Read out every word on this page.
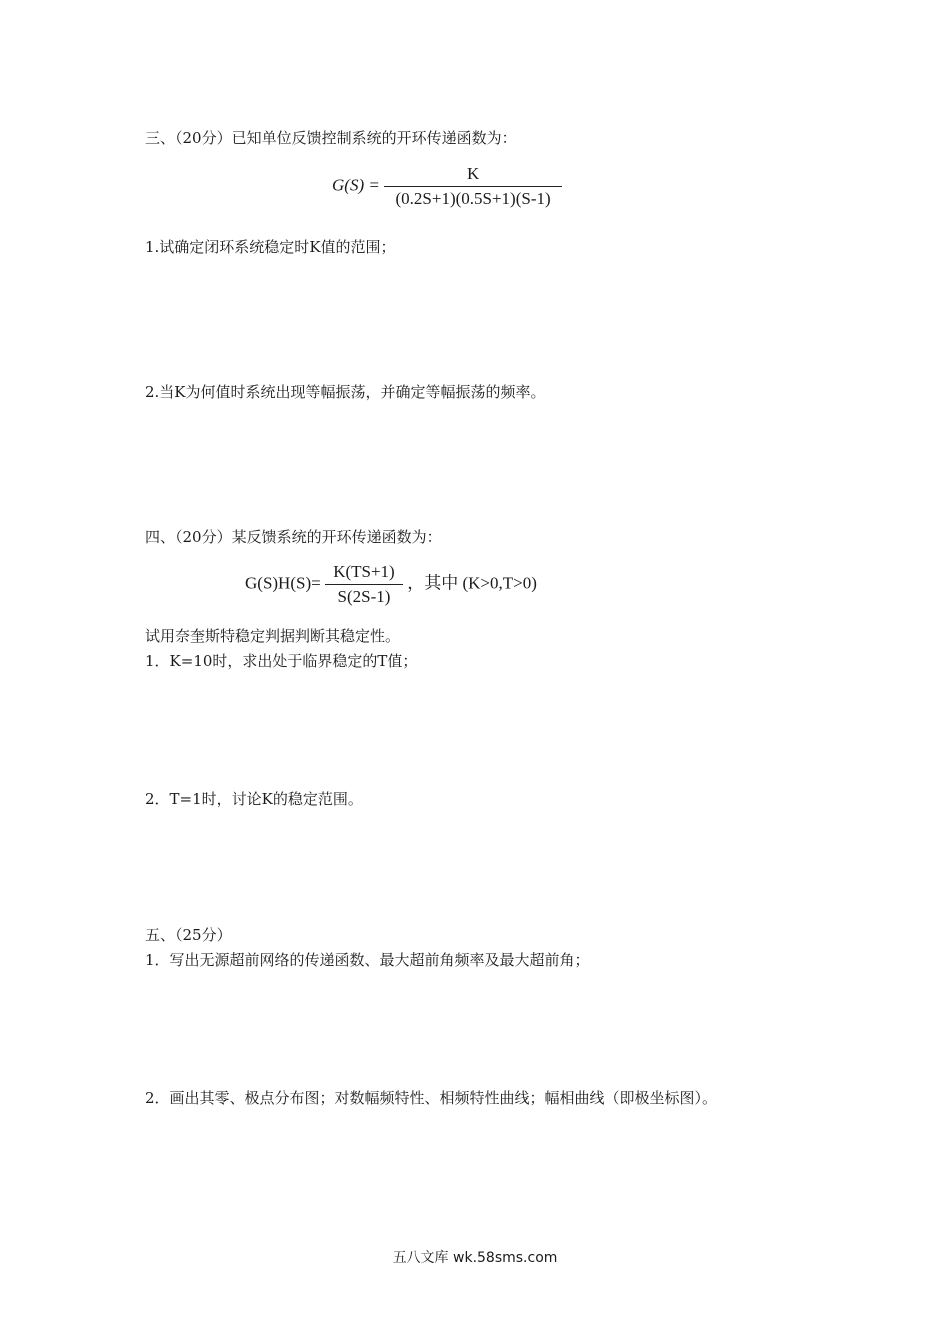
三、（20分）已知单位反馈控制系统的开环传递函数为：
$G(S) = \frac{K}{(0.2S+1)(0.5S+1)(S-1)}$
1.试确定闭环系统稳定时K值的范围；
2.当K为何值时系统出现等幅振荡，并确定等幅振荡的频率。
四、（20分）某反馈系统的开环传递函数为：
$G(S)H(S)= \frac{K(TS+1)}{S(2S-1)}$ ，其中 (K>0,T>0)
试用奈奎斯特稳定判据判断其稳定性。
1．K=10时，求出处于临界稳定的T值；
2．T=1时，讨论K的稳定范围。
五、（25分）
1．写出无源超前网络的传递函数、最大超前角频率及最大超前角；
2．画出其零、极点分布图；对数幅频特性、相频特性曲线；幅相曲线（即极坐标图）。
五八文库 wk.58sms.com
